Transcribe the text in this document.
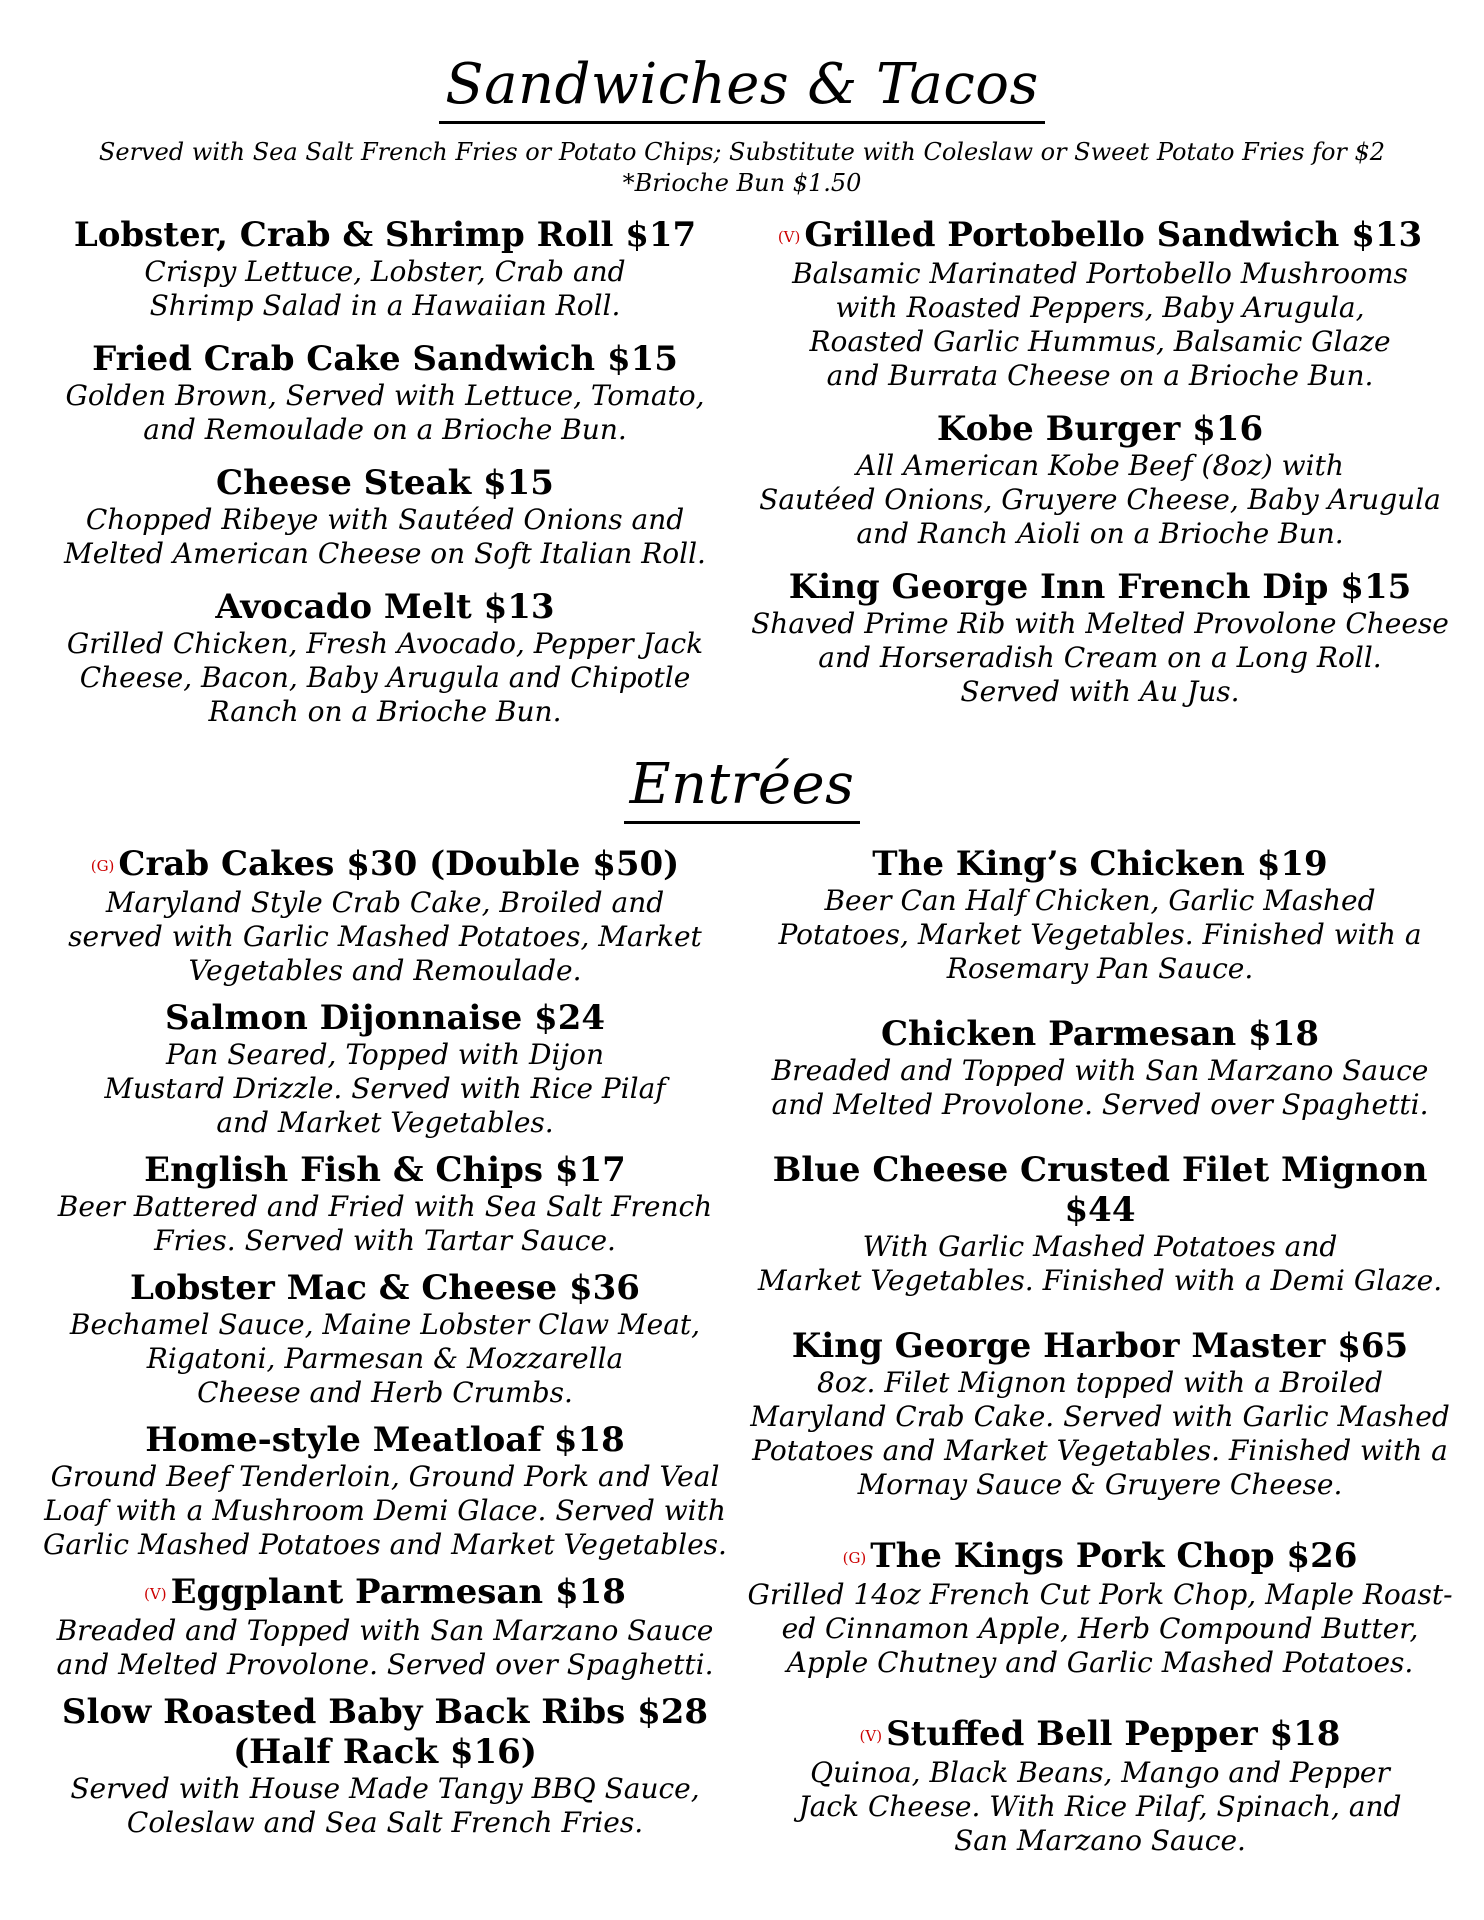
Sandwiches & Tacos
Served with Sea Salt French Fries or Potato Chips; Substitute with Coleslaw or Sweet Potato Fries for $2
*Brioche Bun $1.50
Entrées
Lobster, Crab & Shrimp Roll $17
Crispy Lettuce, Lobster, Crab and
Shrimp Salad in a Hawaiian Roll.
Fried Crab Cake Sandwich $15
Golden Brown, Served with Lettuce, Tomato,
and Remoulade on a Brioche Bun.
Cheese Steak $15
Chopped Ribeye with Sautéed Onions and
Melted American Cheese on Soft Italian Roll.
Avocado Melt $13
Grilled Chicken, Fresh Avocado, Pepper Jack
Cheese, Bacon, Baby Arugula and Chipotle
Ranch on a Brioche Bun.
(V) Grilled Portobello Sandwich $13
Balsamic Marinated Portobello Mushrooms
with Roasted Peppers, Baby Arugula,
Roasted Garlic Hummus, Balsamic Glaze
and Burrata Cheese on a Brioche Bun.
Kobe Burger $16
All American Kobe Beef (8oz) with
Sautéed Onions, Gruyere Cheese, Baby Arugula
and Ranch Aioli on a Brioche Bun.
King George Inn French Dip $15
Shaved Prime Rib with Melted Provolone Cheese
and Horseradish Cream on a Long Roll.
Served with Au Jus.
(G) Crab Cakes $30 (Double $50)
Maryland Style Crab Cake, Broiled and
served with Garlic Mashed Potatoes, Market
Vegetables and Remoulade.
Salmon Dijonnaise $24
Pan Seared, Topped with Dijon
Mustard Drizzle. Served with Rice Pilaf
and Market Vegetables.
English Fish & Chips $17
Beer Battered and Fried with Sea Salt French
Fries. Served with Tartar Sauce.
Lobster Mac & Cheese $36
Bechamel Sauce, Maine Lobster Claw Meat,
Rigatoni, Parmesan & Mozzarella
Cheese and Herb Crumbs.
Home-style Meatloaf $18
Ground Beef Tenderloin, Ground Pork and Veal
Loaf with a Mushroom Demi Glace. Served with
Garlic Mashed Potatoes and Market Vegetables.
(V) Eggplant Parmesan $18
Breaded and Topped with San Marzano Sauce
and Melted Provolone. Served over Spaghetti.
Slow Roasted Baby Back Ribs $28
(Half Rack $16)
Served with House Made Tangy BBQ Sauce,
Coleslaw and Sea Salt French Fries.
The King’s Chicken $19
Beer Can Half Chicken, Garlic Mashed
Potatoes, Market Vegetables. Finished with a
Rosemary Pan Sauce.
Chicken Parmesan $18
Breaded and Topped with San Marzano Sauce
and Melted Provolone. Served over Spaghetti.
Blue Cheese Crusted Filet Mignon $44
With Garlic Mashed Potatoes and
Market Vegetables. Finished with a Demi Glaze.
King George Harbor Master $65
8oz. Filet Mignon topped with a Broiled
Maryland Crab Cake. Served with Garlic Mashed
Potatoes and Market Vegetables. Finished with a
Mornay Sauce & Gruyere Cheese.
(G) The Kings Pork Chop $26
Grilled 14oz French Cut Pork Chop, Maple Roast-
ed Cinnamon Apple, Herb Compound Butter,
Apple Chutney and Garlic Mashed Potatoes.
(V) Stuffed Bell Pepper $18
Quinoa, Black Beans, Mango and Pepper
Jack Cheese. With Rice Pilaf, Spinach, and
San Marzano Sauce.
